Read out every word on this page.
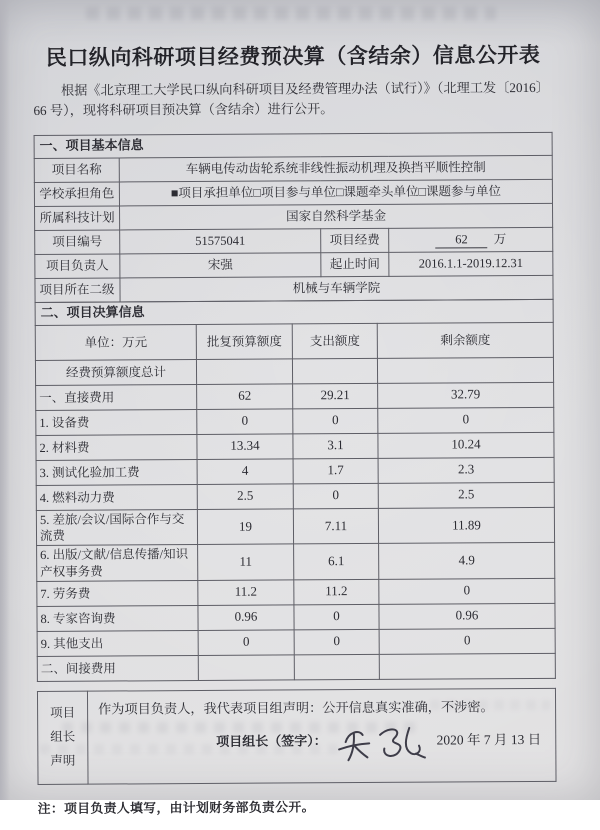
民口纵向科研项目经费预决算（含结余）信息公开表

根据《北京理工大学民口纵向科研项目及经费管理办法（试行）》（北理工发〔2016〕66 号），现将科研项目预决算（含结余）进行公开。

一、项目基本信息			
项目名称	车辆电传动齿轮系统非线性振动机理及换挡平顺性控制		
学校承担角色	■项目承担单位□项目参与单位□课题牵头单位□课题参与单位		
所属科技计划	国家自然科学基金		
项目编号	51575041	项目经费	62 万
项目负责人	宋强	起止时间	2016.1.1-2019.12.31
项目所在二级	机械与车辆学院		
二、项目决算信息			
单位：万元	批复预算额度	支出额度	剩余额度
经费预算额度总计			
一、直接费用	62	29.21	32.79
1. 设备费	0	0	0
2. 材料费	13.34	3.1	10.24
3. 测试化验加工费	4	1.7	2.3
4. 燃料动力费	2.5	0	2.5
5. 差旅/会议/国际合作与交流费	19	7.11	11.89
6. 出版/文献/信息传播/知识产权事务费	11	6.1	4.9
7. 劳务费	11.2	11.2	0
8. 专家咨询费	0.96	0	0.96
9. 其他支出	0	0	0
二、间接费用			
项目
组长
声明

作为项目负责人，我代表项目组声明：公开信息真实准确，不涉密。

项目组长（签字）：	2020 年 7 月 13 日

注：项目负责人填写，由计划财务部负责公开。
